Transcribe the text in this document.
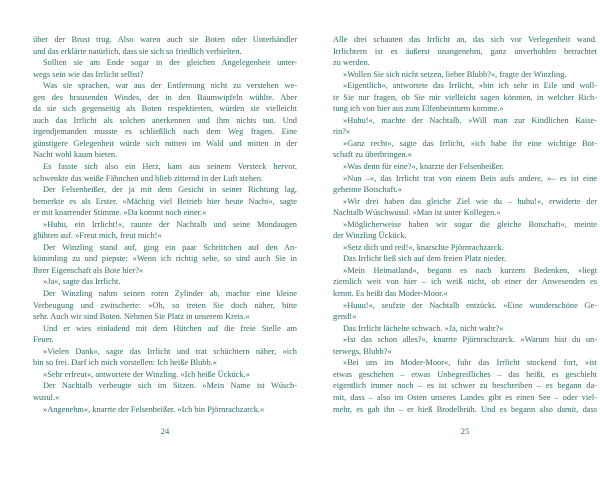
über der Brust trug. Also waren auch sie Boten oder Unterhändler
und das erklärte natürlich, dass sie sich so friedlich verhielten.
Sollten sie am Ende sogar in der gleichen Angelegenheit unter-
wegs sein wie das Irrlicht selbst?
Was sie sprachen, war aus der Entfernung nicht zu verstehen we-
gen des brausenden Windes, der in den Baumwipfeln wühlte. Aber
da sie sich gegenseitig als Boten respektierten, würden sie vielleicht
auch das Irrlicht als solchen anerkennen und ihm nichts tun. Und
irgendjemanden musste es schließlich nach dem Weg fragen. Eine
günstigere Gelegenheit würde sich mitten im Wald und mitten in der
Nacht wohl kaum bieten.
Es fasste sich also ein Herz, kam aus seinem Versteck hervor,
schwenkte das weiße Fähnchen und blieb zitternd in der Luft stehen.
Der Felsenbeißer, der ja mit dem Gesicht in seiner Richtung lag,
bemerkte es als Erster. »Mächtig viel Betrieb hier heute Nacht«, sagte
er mit knarrender Stimme. »Da kommt noch einer.«
»Huhu, ein Irrlicht!«, raunte der Nachtalb und seine Mondaugen
glühten auf. »Freut mich, freut mich!«
Der Winzling stand auf, ging ein paar Schrittchen auf den An-
kömmling zu und piepste: »Wenn ich richtig sehe, so sind auch Sie in
Ihrer Eigenschaft als Bote hier?«
»Ja«, sagte das Irrlicht.
Der Winzling nahm seinen roten Zylinder ab, machte eine kleine
Verbeugung und zwitscherte: »Oh, so treten Sie doch näher, bitte
sehr. Auch wir sind Boten. Nehmen Sie Platz in unserem Kreis.«
Und er wies einladend mit dem Hütchen auf die freie Stelle am
Feuer.
»Vielen Dank«, sagte das Irrlicht und trat schüchtern näher, »ich
bin so frei. Darf ich mich vorstellen: Ich heiße Blubb.«
»Sehr erfreut«, antwortete der Winzling. »Ich heiße Ückück.«
Der Nachtalb verbeugte sich im Sitzen. »Mein Name ist Wúsch-
wusul.«
»Angenehm«, knarrte der Felsenbeißer. »Ich bin Pjörnrachzarck.«
24
Alle drei schauten das Irrlicht an, das sich vor Verlegenheit wand.
Irrlichtern ist es äußerst unangenehm, ganz unverhohlen betrachtet
zu werden.
»Wollen Sie sich nicht setzen, lieber Blubb?«, fragte der Winzling.
»Eigentlich«, antwortete das Irrlicht, »bin ich sehr in Eile und woll-
te Sie nur fragen, ob Sie mir vielleicht sagen könnten, in welcher Rich-
tung ich von hier aus zum Elfenbeinturm komme.«
»Huhu!«, machte der Nachtalb. »Will man zur Kindlichen Kaise-
rin?«
»Ganz recht«, sagte das Irrlicht, »ich habe ihr eine wichtige Bot-
schaft zu überbringen.«
»Was denn für eine?«, knarzte der Felsenbeißer.
»Nun –«, das Irrlicht trat von einem Bein aufs andere, »– es ist eine
geheime Botschaft.«
»Wir drei haben das gleiche Ziel wie du – huhu!«, erwiderte der
Nachtalb Wúschwusul. »Man ist unter Kollegen.«
»Möglicherweise haben wir sogar die gleiche Botschaft«, meinte
der Winzling Ückück.
»Setz dich und red!«, knarschte Pjörnrachzarck.
Das Irrlicht ließ sich auf dem freien Platz nieder.
»Mein Heimatland«, begann es nach kurzem Bedenken, »liegt
ziemlich weit von hier – ich weiß nicht, ob einer der Anwesenden es
kennt. Es heißt das Moder-Moor.«
»Huuu!«, seufzte der Nachtalb entzückt. »Eine wunderschöne Ge-
gend!«
Das Irrlicht lächelte schwach. »Ja, nicht wahr?«
»Ist das schon alles?«, knarrte Pjörnrachzarck. »Warum bist du un-
terwegs, Blubb?«
»Bei uns im Moder-Moor«, fuhr das Irrlicht stockend fort, »ist
etwas geschehen – etwas Unbegreifliches – das heißt, es geschieht
eigentlich immer noch – es ist schwer zu beschreiben – es begann da-
mit, dass – also im Osten unseres Landes gibt es einen See – oder viel-
mehr, es gab ihn – er hieß Brodelbrüh. Und es begann also damit, dass
25
